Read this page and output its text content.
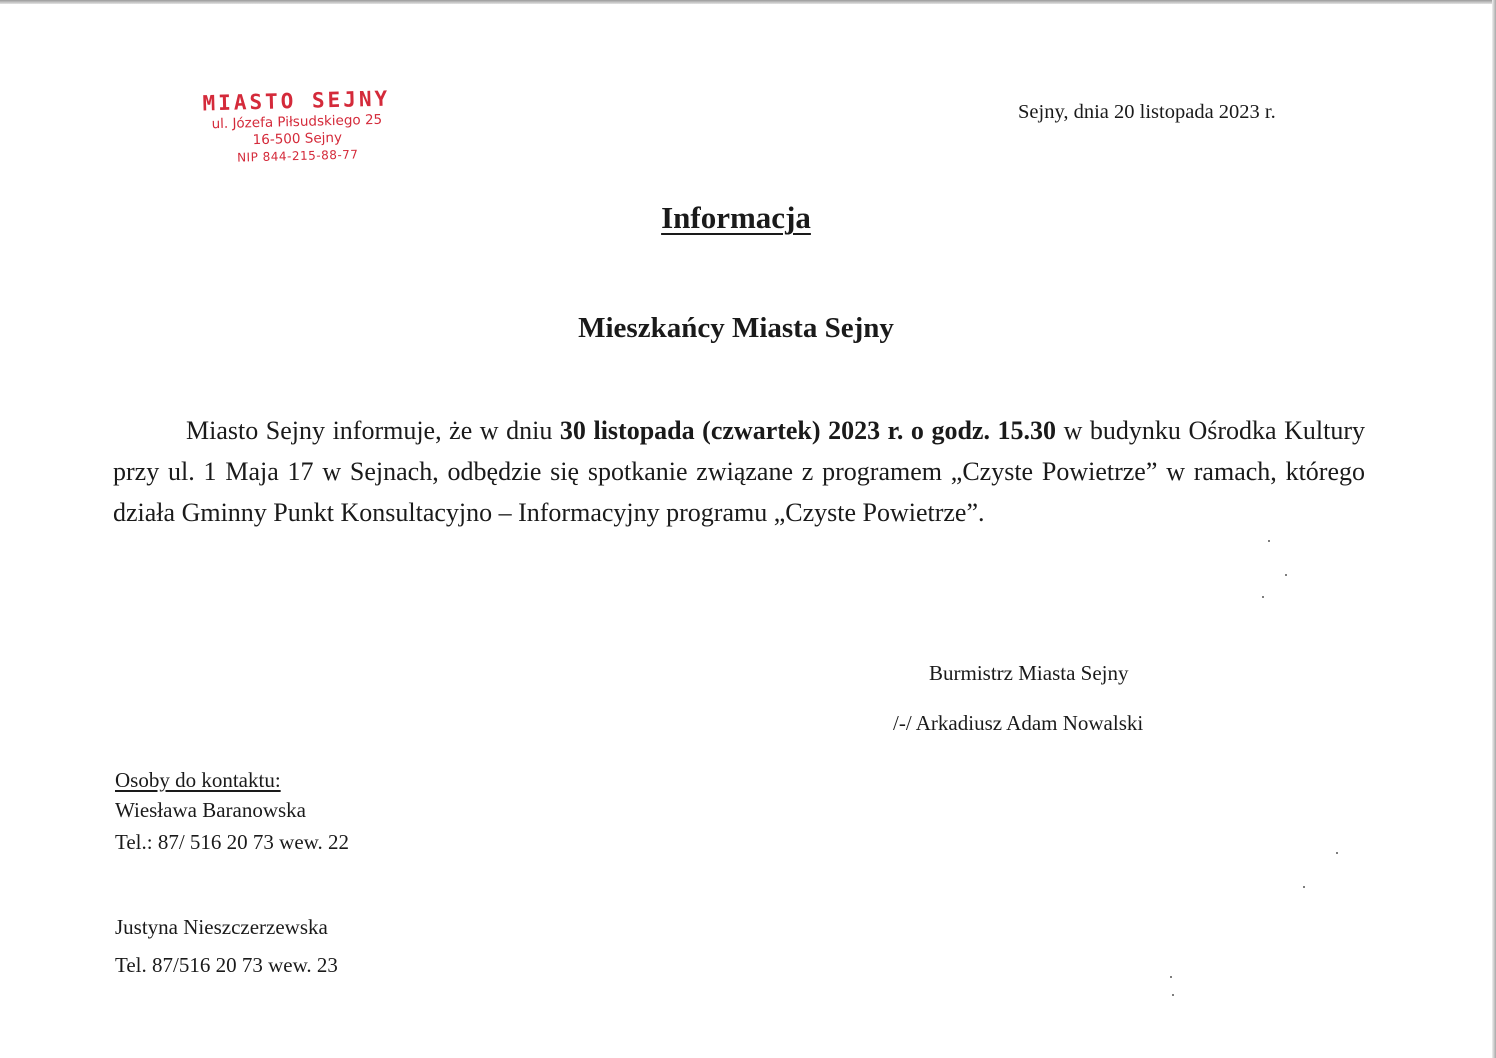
MIASTO SEJNY
ul. Józefa Piłsudskiego 25
16-500 Sejny
NIP 844-215-88-77
Sejny, dnia 20 listopada 2023 r.
Informacja
Mieszkańcy Miasta Sejny
Miasto Sejny informuje, że w dniu 30 listopada (czwartek) 2023 r. o godz. 15.30 w budynku Ośrodka Kultury przy ul. 1 Maja 17 w Sejnach, odbędzie się spotkanie związane z programem „Czyste Powietrze” w ramach, którego działa Gminny Punkt Konsultacyjno – Informacyjny programu „Czyste Powietrze”.
Burmistrz Miasta Sejny
/-/ Arkadiusz Adam Nowalski
Osoby do kontaktu:
Wiesława Baranowska
Tel.: 87/ 516 20 73 wew. 22
Justyna Nieszczerzewska
Tel. 87/516 20 73 wew. 23
